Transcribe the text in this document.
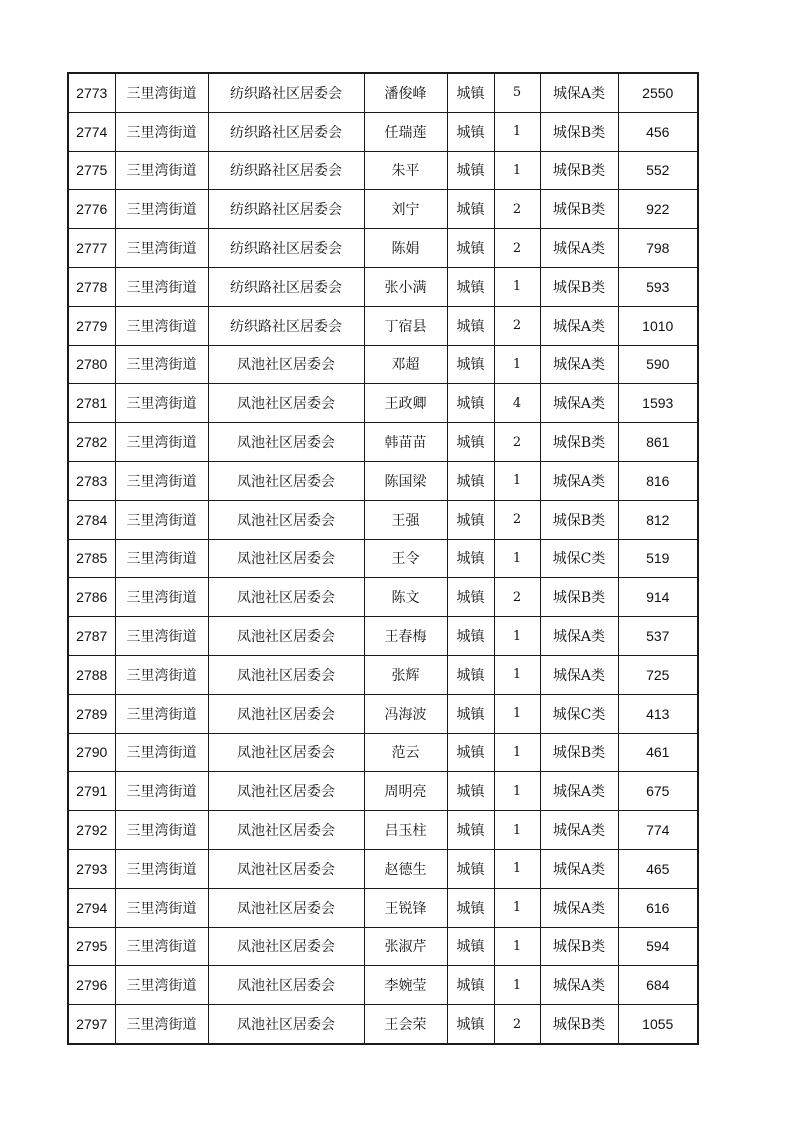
2773	三里湾街道	纺织路社区居委会	潘俊峰	城镇	5	城保A类	2550
2774	三里湾街道	纺织路社区居委会	任瑞莲	城镇	1	城保B类	456
2775	三里湾街道	纺织路社区居委会	朱平	城镇	1	城保B类	552
2776	三里湾街道	纺织路社区居委会	刘宁	城镇	2	城保B类	922
2777	三里湾街道	纺织路社区居委会	陈娟	城镇	2	城保A类	798
2778	三里湾街道	纺织路社区居委会	张小满	城镇	1	城保B类	593
2779	三里湾街道	纺织路社区居委会	丁宿县	城镇	2	城保A类	1010
2780	三里湾街道	凤池社区居委会	邓超	城镇	1	城保A类	590
2781	三里湾街道	凤池社区居委会	王政卿	城镇	4	城保A类	1593
2782	三里湾街道	凤池社区居委会	韩苗苗	城镇	2	城保B类	861
2783	三里湾街道	凤池社区居委会	陈国梁	城镇	1	城保A类	816
2784	三里湾街道	凤池社区居委会	王强	城镇	2	城保B类	812
2785	三里湾街道	凤池社区居委会	王令	城镇	1	城保C类	519
2786	三里湾街道	凤池社区居委会	陈文	城镇	2	城保B类	914
2787	三里湾街道	凤池社区居委会	王春梅	城镇	1	城保A类	537
2788	三里湾街道	凤池社区居委会	张辉	城镇	1	城保A类	725
2789	三里湾街道	凤池社区居委会	冯海波	城镇	1	城保C类	413
2790	三里湾街道	凤池社区居委会	范云	城镇	1	城保B类	461
2791	三里湾街道	凤池社区居委会	周明亮	城镇	1	城保A类	675
2792	三里湾街道	凤池社区居委会	吕玉柱	城镇	1	城保A类	774
2793	三里湾街道	凤池社区居委会	赵德生	城镇	1	城保A类	465
2794	三里湾街道	凤池社区居委会	王锐锋	城镇	1	城保A类	616
2795	三里湾街道	凤池社区居委会	张淑芹	城镇	1	城保B类	594
2796	三里湾街道	凤池社区居委会	李婉莹	城镇	1	城保A类	684
2797	三里湾街道	凤池社区居委会	王会荣	城镇	2	城保B类	1055
